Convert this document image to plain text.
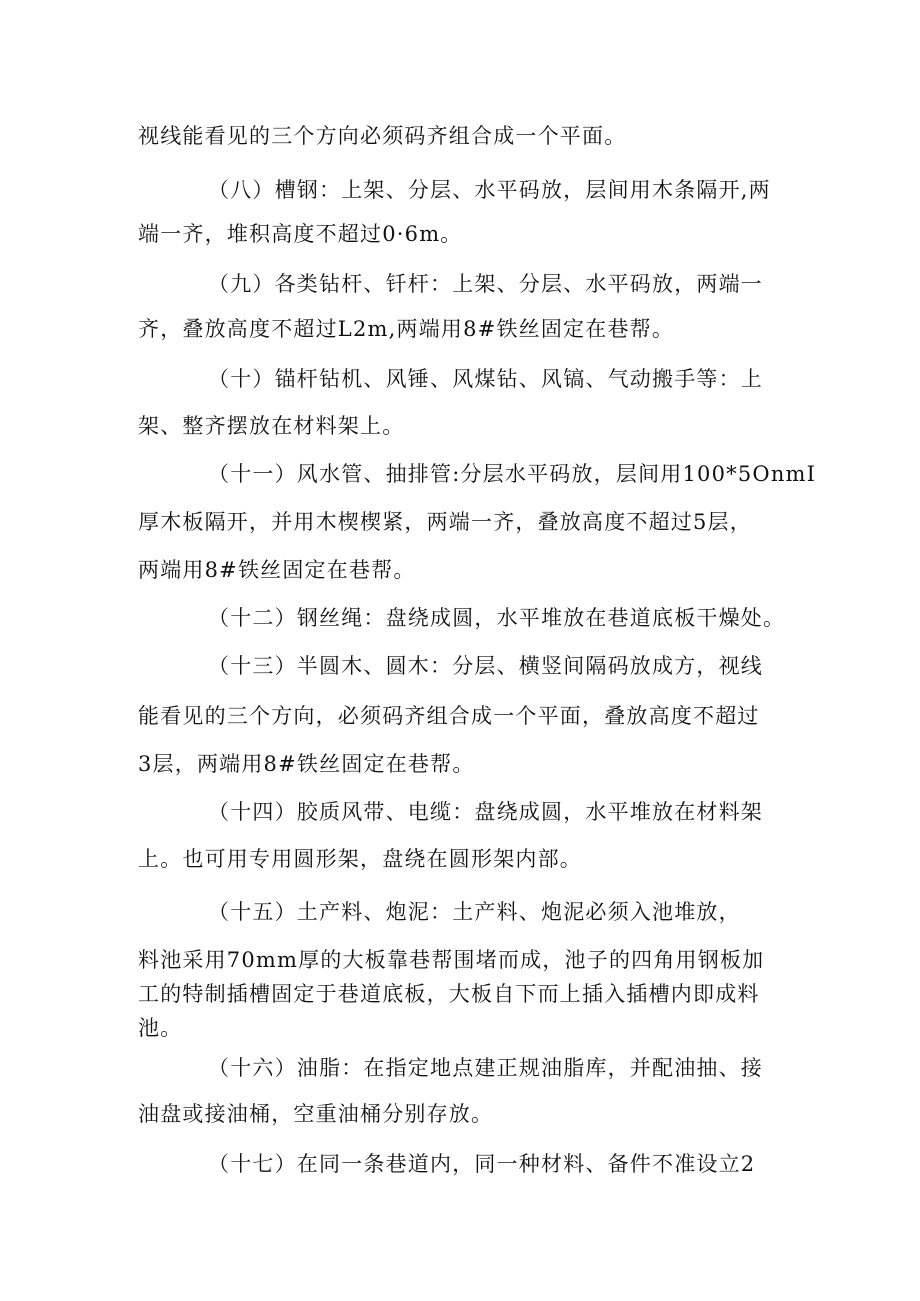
视线能看见的三个方向必须码齐组合成一个平面。
（八）槽钢：上架、分层、水平码放，层间用木条隔开,两
端一齐，堆积高度不超过0·6m。
（九）各类钻杆、钎杆：上架、分层、水平码放，两端一
齐，叠放高度不超过L2m,两端用8#铁丝固定在巷帮。
（十）锚杆钻机、风锤、风煤钻、风镐、气动搬手等：上
架、整齐摆放在材料架上。
（十一）风水管、抽排管:分层水平码放，层间用100*5OnmI
厚木板隔开，并用木楔楔紧，两端一齐，叠放高度不超过5层，
两端用8#铁丝固定在巷帮。
（十二）钢丝绳：盘绕成圆，水平堆放在巷道底板干燥处。
（十三）半圆木、圆木：分层、横竖间隔码放成方，视线
能看见的三个方向，必须码齐组合成一个平面，叠放高度不超过
3层，两端用8#铁丝固定在巷帮。
（十四）胶质风带、电缆：盘绕成圆，水平堆放在材料架
上。也可用专用圆形架，盘绕在圆形架内部。
（十五）土产料、炮泥：土产料、炮泥必须入池堆放，
料池采用70mm厚的大板靠巷帮围堵而成，池子的四角用钢板加
工的特制插槽固定于巷道底板，大板自下而上插入插槽内即成料
池。
（十六）油脂：在指定地点建正规油脂库，并配油抽、接
油盘或接油桶，空重油桶分别存放。
（十七）在同一条巷道内，同一种材料、备件不准设立2
